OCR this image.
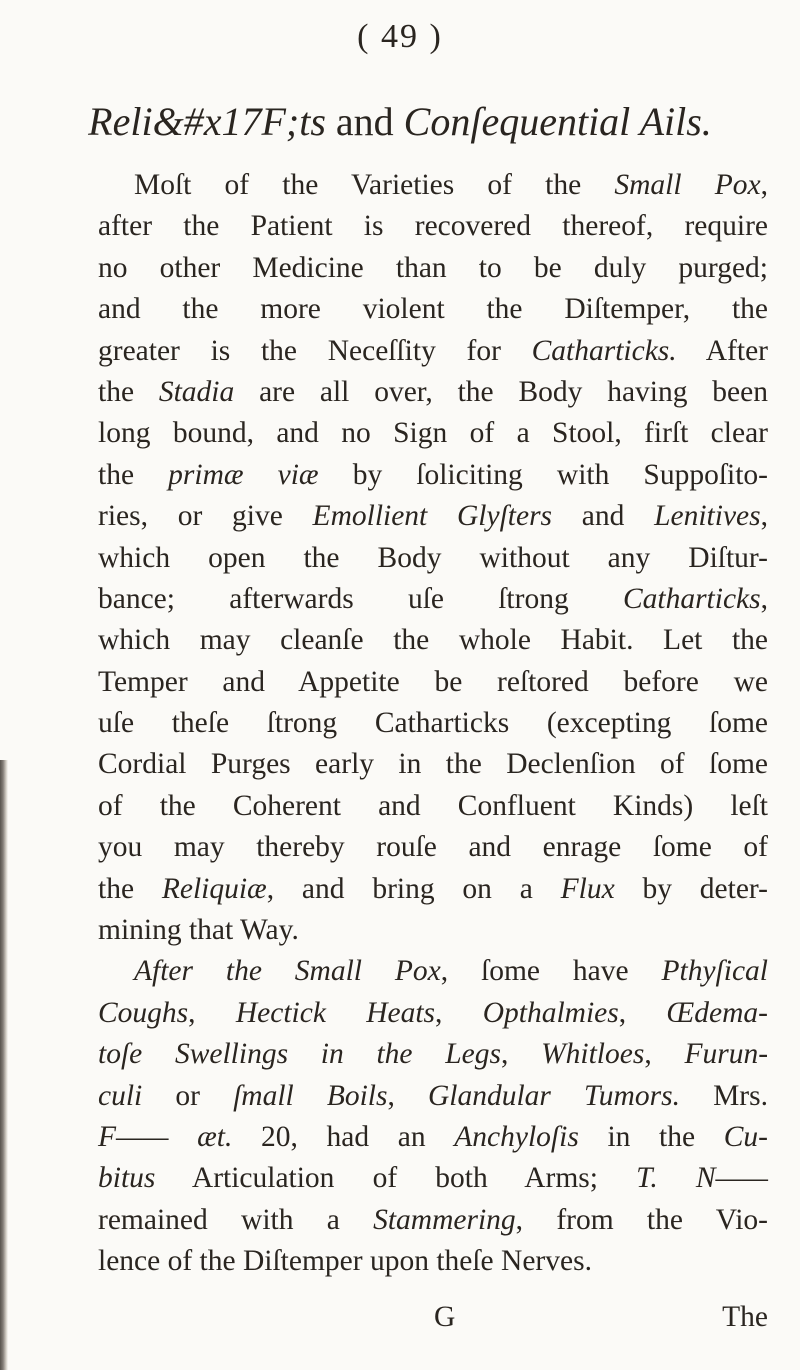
( 49 )
Reli&#x17F;ts and Conſequential Ails.
Moſt of the Varieties of the Small Pox,
after the Patient is recovered thereof, require
no other Medicine than to be duly purged;
and the more violent the Diſtemper, the
greater is the Neceſſity for Catharticks. After
the Stadia are all over, the Body having been
long bound, and no Sign of a Stool, firſt clear
the primæ viæ by ſoliciting with Suppoſito-
ries, or give Emollient Glyſters and Lenitives,
which open the Body without any Diſtur-
bance; afterwards uſe ſtrong Catharticks,
which may cleanſe the whole Habit. Let the
Temper and Appetite be reſtored before we
uſe theſe ſtrong Catharticks (excepting ſome
Cordial Purges early in the Declenſion of ſome
of the Coherent and Confluent Kinds) leſt
you may thereby rouſe and enrage ſome of
the Reliquiæ, and bring on a Flux by deter-
mining that Way.
After the Small Pox, ſome have Pthyſical
Coughs, Hectick Heats, Opthalmies, Œdema-
toſe Swellings in the Legs, Whitloes, Furun-
culi or ſmall Boils, Glandular Tumors. Mrs.
F—— æt. 20, had an Anchyloſis in the Cu-
bitus Articulation of both Arms; T. N——
remained with a Stammering, from the Vio-
lence of the Diſtemper upon theſe Nerves.
G	The
